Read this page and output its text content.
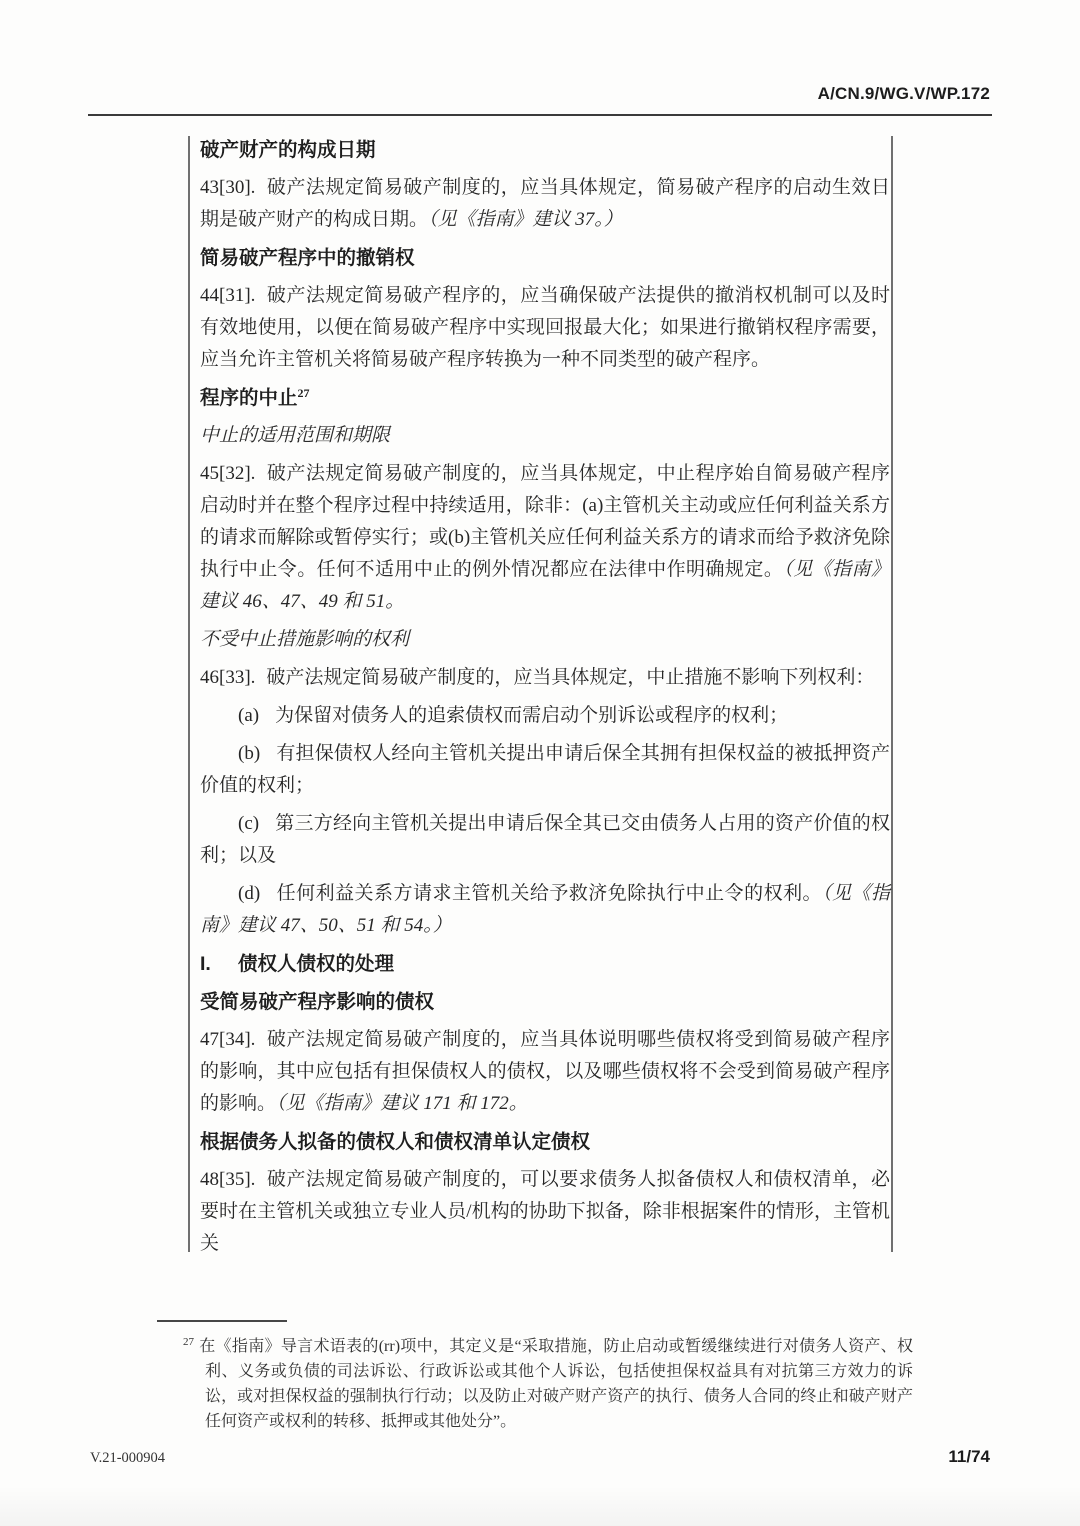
A/CN.9/WG.V/WP.172
破产财产的构成日期

43[30]. 破产法规定简易破产制度的，应当具体规定，简易破产程序的启动生效日期是破产财产的构成日期。（见《指南》建议 37。）

简易破产程序中的撤销权

44[31]. 破产法规定简易破产程序的，应当确保破产法提供的撤消权机制可以及时有效地使用，以便在简易破产程序中实现回报最大化；如果进行撤销权程序需要，应当允许主管机关将简易破产程序转换为一种不同类型的破产程序。

程序的中止$^{27}$
中止的适用范围和期限

45[32]. 破产法规定简易破产制度的，应当具体规定，中止程序始自简易破产程序启动时并在整个程序过程中持续适用，除非：(a)主管机关主动或应任何利益关系方的请求而解除或暂停实行；或(b)主管机关应任何利益关系方的请求而给予救济免除执行中止令。任何不适用中止的例外情况都应在法律中作明确规定。（见《指南》建议 46、47、49 和 51。

不受中止措施影响的权利

46[33]. 破产法规定简易破产制度的，应当具体规定，中止措施不影响下列权利：

(a) 为保留对债务人的追索债权而需启动个别诉讼或程序的权利；

(b) 有担保债权人经向主管机关提出申请后保全其拥有担保权益的被抵押资产价值的权利；

(c) 第三方经向主管机关提出申请后保全其已交由债务人占用的资产价值的权利；以及

(d) 任何利益关系方请求主管机关给予救济免除执行中止令的权利。（见《指南》建议 47、50、51 和 54。）

I. 债权人债权的处理
受简易破产程序影响的债权

47[34]. 破产法规定简易破产制度的，应当具体说明哪些债权将受到简易破产程序的影响，其中应包括有担保债权人的债权，以及哪些债权将不会受到简易破产程序的影响。（见《指南》建议 171 和 172。

根据债务人拟备的债权人和债权清单认定债权

48[35]. 破产法规定简易破产制度的，可以要求债务人拟备债权人和债权清单，必要时在主管机关或独立专业人员/机构的协助下拟备，除非根据案件的情形，主管机关

$^{27}$ 在《指南》导言术语表的(rr)项中，其定义是“采取措施，防止启动或暂缓继续进行对债务人资产、权利、义务或负债的司法诉讼、行政诉讼或其他个人诉讼，包括使担保权益具有对抗第三方效力的诉讼，或对担保权益的强制执行行动；以及防止对破产财产资产的执行、债务人合同的终止和破产财产任何资产或权利的转移、抵押或其他处分”。

V.21-000904	11/74
